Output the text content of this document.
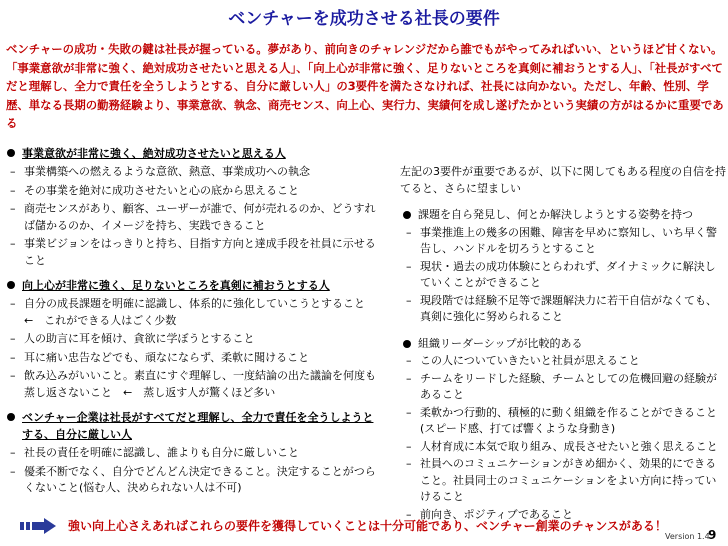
ベンチャーを成功させる社長の要件
ベンチャーの成功・失敗の鍵は社長が握っている。夢があり、前向きのチャレンジだから誰でもがやってみればいい、というほど甘くない。「事業意欲が非常に強く、絶対成功させたいと思える人」、「向上心が非常に強く、足りないところを真剣に補おうとする人」、「社長がすべてだと理解し、全力で責任を全うしようとする、自分に厳しい人」の3要件を満たさなければ、社長には向かない。ただし、年齢、性別、学歴、単なる長期の勤務経験より、事業意欲、執念、商売センス、向上心、実行力、実績何を成し遂げたかという実績の方がはるかに重要である
事業意欲が非常に強く、絶対成功させたいと思える人
– 事業構築への燃えるような意欲、熱意、事業成功への執念
– その事業を絶対に成功させたいと心の底から思えること
– 商売センスがあり、顧客、ユーザーが誰で、何が売れるのか、どうすれば儲かるのか、イメージを持ち、実践できること
– 事業ビジョンをはっきりと持ち、目指す方向と達成手段を社員に示せること
向上心が非常に強く、足りないところを真剣に補おうとする人
– 自分の成長課題を明確に認識し、体系的に強化していこうとすること　←　これができる人はごく少数
– 人の助言に耳を傾け、貪欲に学ぼうとすること
– 耳に痛い忠告などでも、頑なにならず、柔軟に聞けること
– 飲み込みがいいこと。素直にすぐ理解し、一度結論の出た議論を何度も蒸し返さないこと　←　蒸し返す人が驚くほど多い
ベンチャー企業は社長がすべてだと理解し、全力で責任を全うしようとする、自分に厳しい人
– 社長の責任を明確に認識し、誰よりも自分に厳しいこと
– 優柔不断でなく、自分でどんどん決定できること。決定することがつらくないこと(悩む人、決められない人は不可)
左記の3要件が重要であるが、以下に関してもある程度の自信を持てると、さらに望ましい
課題を自ら発見し、何とか解決しようとする姿勢を持つ
– 事業推進上の幾多の困難、障害を早めに察知し、いち早く警告し、ハンドルを切ろうとすること
– 現状・過去の成功体験にとらわれず、ダイナミックに解決していくことができること
– 現段階では経験不足等で課題解決力に若干自信がなくても、真剣に強化に努められること
組織リーダーシップが比較的ある
– この人についていきたいと社員が思えること
– チームをリードした経験、チームとしての危機回避の経験があること
– 柔軟かつ行動的、積極的に動く組織を作ることができること(スピード感、打てば響くような身動き)
– 人材育成に本気で取り組み、成長させたいと強く思えること
– 社員へのコミュニケーションがきめ細かく、効果的にできること。社員同士のコミュニケーションをよい方向に持っていけること
– 前向き、ポジティブであること
強い向上心さえあればこれらの要件を獲得していくことは十分可能であり、ベンチャー創業のチャンスがある！
Version 1.4
9
